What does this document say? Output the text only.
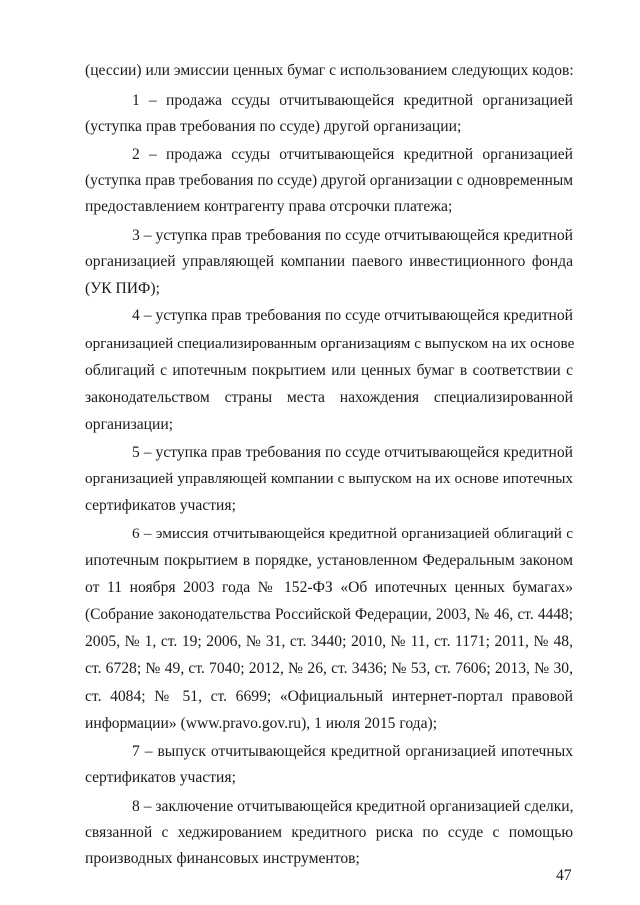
(цессии) или эмиссии ценных бумаг с использованием следующих кодов:
1 – продажа ссуды отчитывающейся кредитной организацией
(уступка прав требования по ссуде) другой организации;
2 – продажа ссуды отчитывающейся кредитной организацией
(уступка прав требования по ссуде) другой организации с одновременным
предоставлением контрагенту права отсрочки платежа;
3 – уступка прав требования по ссуде отчитывающейся кредитной
организацией управляющей компании паевого инвестиционного фонда
(УК ПИФ);
4 – уступка прав требования по ссуде отчитывающейся кредитной
организацией специализированным организациям с выпуском на их основе
облигаций с ипотечным покрытием или ценных бумаг в соответствии с
законодательством страны места нахождения специализированной
организации;
5 – уступка прав требования по ссуде отчитывающейся кредитной
организацией управляющей компании с выпуском на их основе ипотечных
сертификатов участия;
6 – эмиссия отчитывающейся кредитной организацией облигаций с
ипотечным покрытием в порядке, установленном Федеральным законом
от 11 ноября 2003 года № 152-ФЗ «Об ипотечных ценных бумагах»
(Собрание законодательства Российской Федерации, 2003, № 46, ст. 4448;
2005, № 1, ст. 19; 2006, № 31, ст. 3440; 2010, № 11, ст. 1171; 2011, № 48,
ст. 6728; № 49, ст. 7040; 2012, № 26, ст. 3436; № 53, ст. 7606; 2013, № 30,
ст. 4084; № 51, ст. 6699; «Официальный интернет-портал правовой
информации» (www.pravo.gov.ru), 1 июля 2015 года);
7 – выпуск отчитывающейся кредитной организацией ипотечных
сертификатов участия;
8 – заключение отчитывающейся кредитной организацией сделки,
связанной с хеджированием кредитного риска по ссуде с помощью
производных финансовых инструментов;
47
